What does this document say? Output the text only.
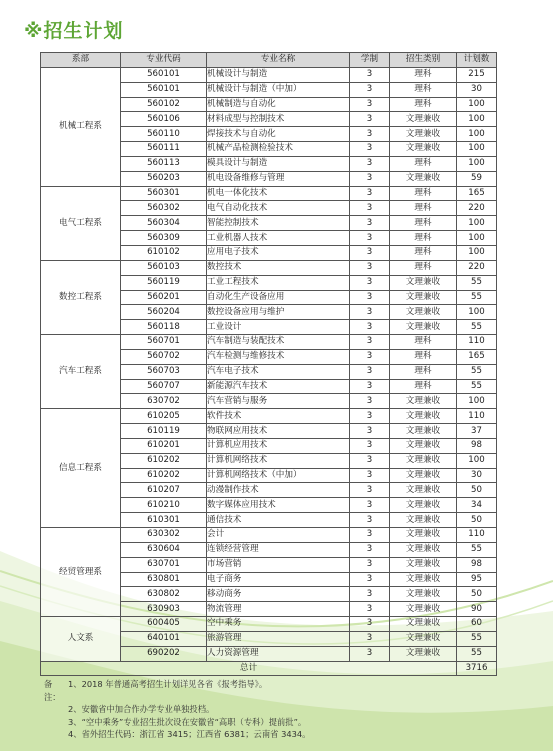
※招生计划
系部	专业代码	专业名称	学制	招生类别	计划数
机械工程系	560101	机械设计与制造	3	理科	215
	560101	机械设计与制造（中加）	3	理科	30
	560102	机械制造与自动化	3	理科	100
	560106	材料成型与控制技术	3	文理兼收	100
	560110	焊接技术与自动化	3	文理兼收	100
	560111	机械产品检测检验技术	3	文理兼收	100
	560113	模具设计与制造	3	理科	100
	560203	机电设备维修与管理	3	文理兼收	59
电气工程系	560301	机电一体化技术	3	理科	165
	560302	电气自动化技术	3	理科	220
	560304	智能控制技术	3	理科	100
	560309	工业机器人技术	3	理科	100
	610102	应用电子技术	3	理科	100
数控工程系	560103	数控技术	3	理科	220
	560119	工业工程技术	3	文理兼收	55
	560201	自动化生产设备应用	3	文理兼收	55
	560204	数控设备应用与维护	3	文理兼收	100
	560118	工业设计	3	文理兼收	55
汽车工程系	560701	汽车制造与装配技术	3	理科	110
	560702	汽车检测与维修技术	3	理科	165
	560703	汽车电子技术	3	理科	55
	560707	新能源汽车技术	3	理科	55
	630702	汽车营销与服务	3	文理兼收	100
信息工程系	610205	软件技术	3	文理兼收	110
	610119	物联网应用技术	3	文理兼收	37
	610201	计算机应用技术	3	文理兼收	98
	610202	计算机网络技术	3	文理兼收	100
	610202	计算机网络技术（中加）	3	文理兼收	30
	610207	动漫制作技术	3	文理兼收	50
	610210	数字媒体应用技术	3	文理兼收	34
	610301	通信技术	3	文理兼收	50
经贸管理系	630302	会计	3	文理兼收	110
	630604	连锁经营管理	3	文理兼收	55
	630701	市场营销	3	文理兼收	98
	630801	电子商务	3	文理兼收	95
	630802	移动商务	3	文理兼收	50
	630903	物流管理	3	文理兼收	90
人文系	600405	空中乘务	3	文理兼收	60
	640101	旅游管理	3	文理兼收	55
	690202	人力资源管理	3	文理兼收	55
总计					3716
备注：
1、2018 年普通高考招生计划详见各省《报考指导》。
2、安徽省中加合作办学专业单独投档。
3、“空中乘务”专业招生批次设在安徽省“高职（专科）提前批”。
4、省外招生代码：浙江省 3415；江西省 6381；云南省 3434。
